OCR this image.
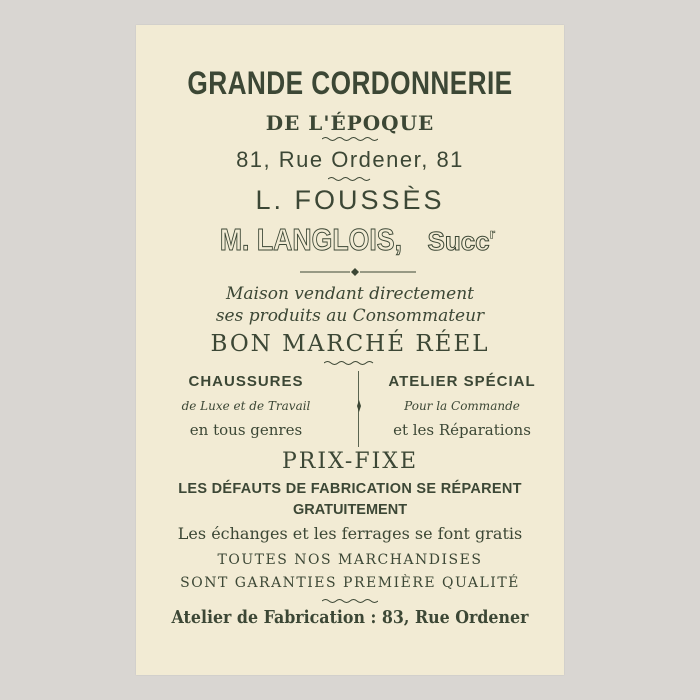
GRANDE CORDONNERIE
DE L'ÉPOQUE
81, Rue Ordener, 81
L. FOUSSÈS
M. LANGLOIS, Succ$^r$
Maison vendant directement
ses produits au Consommateur
BON MARCHÉ RÉEL
CHAUSSURES
de Luxe et de Travail
en tous genres
ATELIER SPÉCIAL
Pour la Commande
et les Réparations
PRIX-FIXE
LES DÉFAUTS DE FABRICATION SE RÉPARENT
GRATUITEMENT
Les échanges et les ferrages se font gratis
TOUTES NOS MARCHANDISES
SONT GARANTIES PREMIÈRE QUALITÉ
Atelier de Fabrication : 83, Rue Ordener
